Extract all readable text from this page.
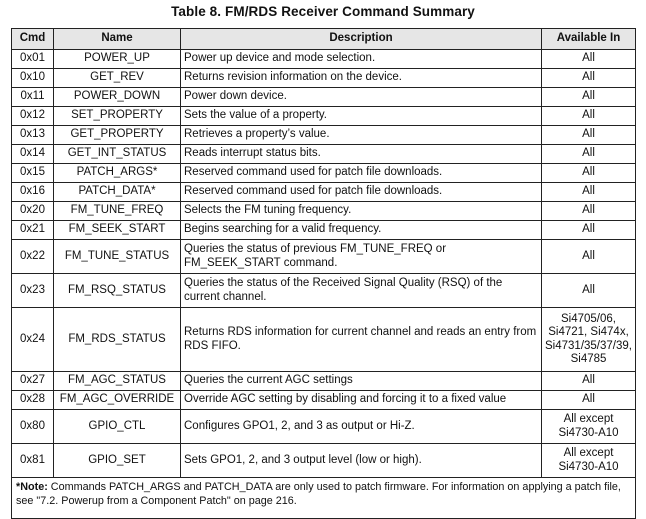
Table 8. FM/RDS Receiver Command Summary
Cmd	Name	Description	Available In
0x01	POWER_UP	Power up device and mode selection.	All
0x10	GET_REV	Returns revision information on the device.	All
0x11	POWER_DOWN	Power down device.	All
0x12	SET_PROPERTY	Sets the value of a property.	All
0x13	GET_PROPERTY	Retrieves a property’s value.	All
0x14	GET_INT_STATUS	Reads interrupt status bits.	All
0x15	PATCH_ARGS*	Reserved command used for patch file downloads.	All
0x16	PATCH_DATA*	Reserved command used for patch file downloads.	All
0x20	FM_TUNE_FREQ	Selects the FM tuning frequency.	All
0x21	FM_SEEK_START	Begins searching for a valid frequency.	All
0x22	FM_TUNE_STATUS	Queries the status of previous FM_TUNE_FREQ or FM_SEEK_START command.	All
0x23	FM_RSQ_STATUS	Queries the status of the Received Signal Quality (RSQ) of the current channel.	All
0x24	FM_RDS_STATUS	Returns RDS information for current channel and reads an entry from RDS FIFO.	Si4705/06, Si4721, Si474x, Si4731/35/37/39, Si4785
0x27	FM_AGC_STATUS	Queries the current AGC settings	All
0x28	FM_AGC_OVERRIDE	Override AGC setting by disabling and forcing it to a fixed value	All
0x80	GPIO_CTL	Configures GPO1, 2, and 3 as output or Hi-Z.	All except Si4730-A10
0x81	GPIO_SET	Sets GPO1, 2, and 3 output level (low or high).	All except Si4730-A10
*Note: Commands PATCH_ARGS and PATCH_DATA are only used to patch firmware. For information on applying a patch file, see "7.2. Powerup from a Component Patch" on page 216.			
